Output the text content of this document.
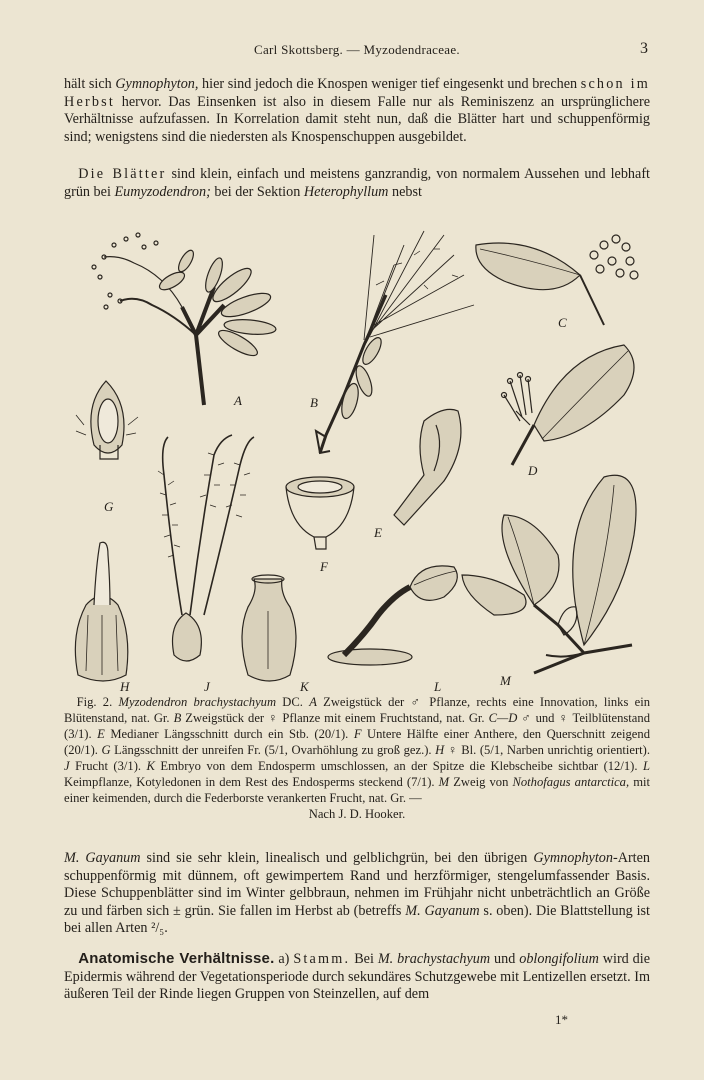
Carl Skottsberg. — Myzodendraceae.	3

hält sich Gymnophyton, hier sind jedoch die Knospen weniger tief eingesenkt und brechen schon im Herbst hervor. Das Einsenken ist also in diesem Falle nur als Reminiszenz an ursprünglichere Verhältnisse aufzufassen. In Korrelation damit steht nun, daß die Blätter hart und schuppenförmig sind; wenigstens sind die niedersten als Knospenschuppen ausgebildet.

 Die Blätter sind klein, einfach und meistens ganzrandig, von normalem Aussehen und lebhaft grün bei Eumyzodendron; bei der Sektion Heterophyllum nebst

A	B
C
D
E
F
G
H	J	K	L	M

 Fig. 2. Myzodendron brachystachyum DC. A Zweigstück der ♂ Pflanze, rechts eine Innovation, links ein Blütenstand, nat. Gr. B Zweigstück der ♀ Pflanze mit einem Fruchtstand, nat. Gr. C—D ♂ und ♀ Teilblütenstand (3/1). E Medianer Längsschnitt durch ein Stb. (20/1). F Untere Hälfte einer Anthere, den Querschnitt zeigend (20/1). G Längsschnitt der unreifen Fr. (5/1, Ovarhöhlung zu groß gez.). H ♀ Bl. (5/1, Narben unrichtig orientiert). J Frucht (3/1). K Embryo von dem Endosperm umschlossen, an der Spitze die Klebscheibe sichtbar (12/1). L Keimpflanze, Kotyledonen in dem Rest des Endosperms steckend (7/1). M Zweig von Nothofagus antarctica, mit einer keimenden, durch die Federborste verankerten Frucht, nat. Gr. —

Nach J. D. Hooker.

M. Gayanum sind sie sehr klein, linealisch und gelblichgrün, bei den übrigen Gymnophyton-Arten schuppenförmig mit dünnem, oft gewimpertem Rand und herzförmiger, stengelumfassender Basis. Diese Schuppenblätter sind im Winter gelbbraun, nehmen im Frühjahr nicht unbeträchtlich an Größe zu und färben sich ± grün. Sie fallen im Herbst ab (betreffs M. Gayanum s. oben). Die Blattstellung ist bei allen Arten ²/₅.

 Anatomische Verhältnisse. a) Stamm. Bei M. brachystachyum und oblongifolium wird die Epidermis während der Vegetationsperiode durch sekundäres Schutzgewebe mit Lentizellen ersetzt. Im äußeren Teil der Rinde liegen Gruppen von Steinzellen, auf dem

1*
